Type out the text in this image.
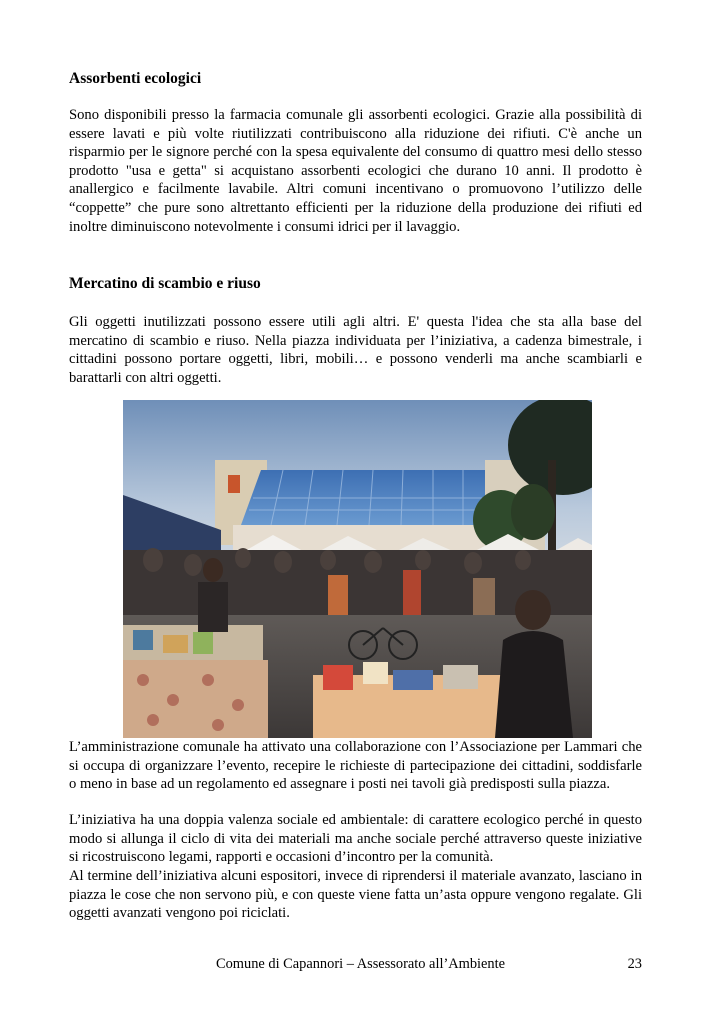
Assorbenti ecologici

Sono disponibili presso la farmacia comunale gli assorbenti ecologici. Grazie alla possibilità di essere lavati e più volte riutilizzati contribuiscono alla riduzione dei rifiuti. C'è anche un risparmio per le signore perché con la spesa equivalente del consumo di quattro mesi dello stesso prodotto "usa e getta" si acquistano assorbenti ecologici che durano 10 anni. Il prodotto è anallergico e facilmente lavabile. Altri comuni incentivano o promuovono l’utilizzo delle “coppette” che pure sono altrettanto efficienti per la riduzione della produzione dei rifiuti ed inoltre diminuiscono notevolmente i consumi idrici per il lavaggio.

Mercatino di scambio e riuso

Gli oggetti inutilizzati possono essere utili agli altri. E' questa l'idea che sta alla base del mercatino di scambio e riuso. Nella piazza individuata per l’iniziativa, a cadenza bimestrale, i cittadini possono portare oggetti, libri, mobili… e possono venderli ma anche scambiarli e barattarli con altri oggetti.

L’amministrazione comunale ha attivato una collaborazione con l’Associazione per Lammari che si occupa di organizzare l’evento, recepire le richieste di partecipazione dei cittadini, soddisfarle o meno in base ad un regolamento ed assegnare i posti nei tavoli già predisposti sulla piazza.

L’iniziativa ha una doppia valenza sociale ed ambientale: di carattere ecologico perché in questo modo si allunga il ciclo di vita dei materiali ma anche sociale perché attraverso queste iniziative si ricostruiscono legami, rapporti e occasioni d’incontro per la comunità.

Al termine dell’iniziativa alcuni espositori, invece di riprendersi il materiale avanzato, lasciano in piazza le cose che non servono più, e con queste viene fatta un’asta oppure vengono regalate. Gli oggetti avanzati vengono poi riciclati.

Comune di Capannori – Assessorato all’Ambiente	23
